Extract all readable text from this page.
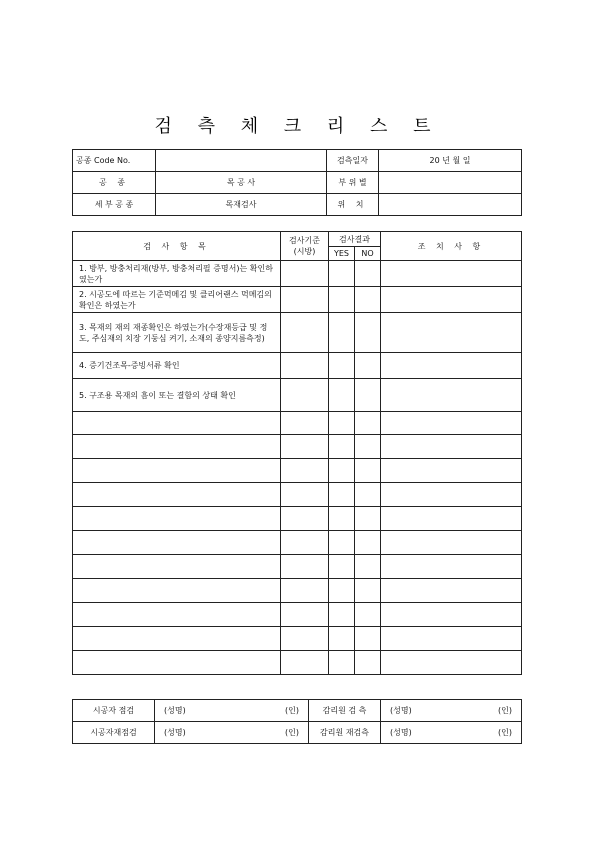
검 측 체 크 리 스 트
공종 Code No.		검측일자	20 년 월 일
공 종	목 공 사	부 위 별	
세 부 공 종	목재검사	위 치	
검 사 항 목	검사기준
(시방)	검사결과		조 치 사 항
		YES	NO	
1. 방부, 방충처리재(방부, 방충처리필 증명서)는 확인하였는가				
2. 시공도에 따르는 기준먹메김 및 클리어랜스 먹메김의 확인은 하였는가				
3. 목재의 재의 재종확인은 하였는가(수장재등급 및 정도, 주심재의 치장 기둥심 켜기, 소재의 종양지름측정)				
4. 증기건조목-증빙서류 확인				
5. 구조용 목재의 흠이 또는 결함의 상태 확인				

시공자 점검	(성명) (인)	감리원 검 측	(성명) (인)

시공자재점검	(성명) (인)	감리원 재검측	(성명) (인)
